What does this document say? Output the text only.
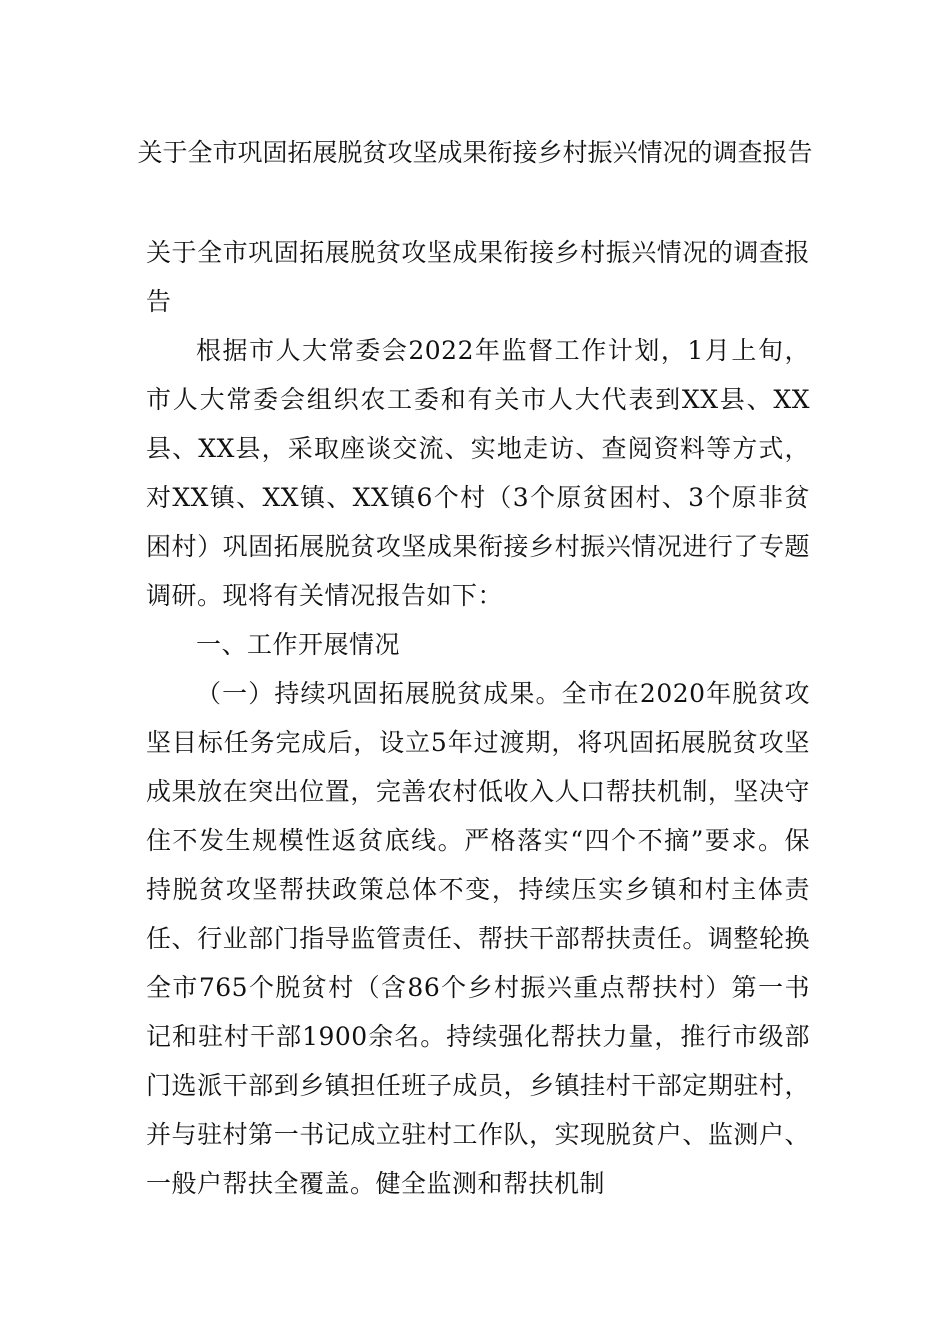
关于全市巩固拓展脱贫攻坚成果衔接乡村振兴情况的调查报告

关于全市巩固拓展脱贫攻坚成果衔接乡村振兴情况的调查报告

根据市人大常委会2022年监督工作计划，1月上旬，市人大常委会组织农工委和有关市人大代表到XX县、XX县、XX县，采取座谈交流、实地走访、查阅资料等方式，对XX镇、XX镇、XX镇6个村（3个原贫困村、3个原非贫困村）巩固拓展脱贫攻坚成果衔接乡村振兴情况进行了专题调研。现将有关情况报告如下：

一、工作开展情况

（一）持续巩固拓展脱贫成果。全市在2020年脱贫攻坚目标任务完成后，设立5年过渡期，将巩固拓展脱贫攻坚成果放在突出位置，完善农村低收入人口帮扶机制，坚决守住不发生规模性返贫底线。严格落实“四个不摘”要求。保持脱贫攻坚帮扶政策总体不变，持续压实乡镇和村主体责任、行业部门指导监管责任、帮扶干部帮扶责任。调整轮换全市765个脱贫村（含86个乡村振兴重点帮扶村）第一书记和驻村干部1900余名。持续强化帮扶力量，推行市级部门选派干部到乡镇担任班子成员，乡镇挂村干部定期驻村，并与驻村第一书记成立驻村工作队，实现脱贫户、监测户、一般户帮扶全覆盖。健全监测和帮扶机制
